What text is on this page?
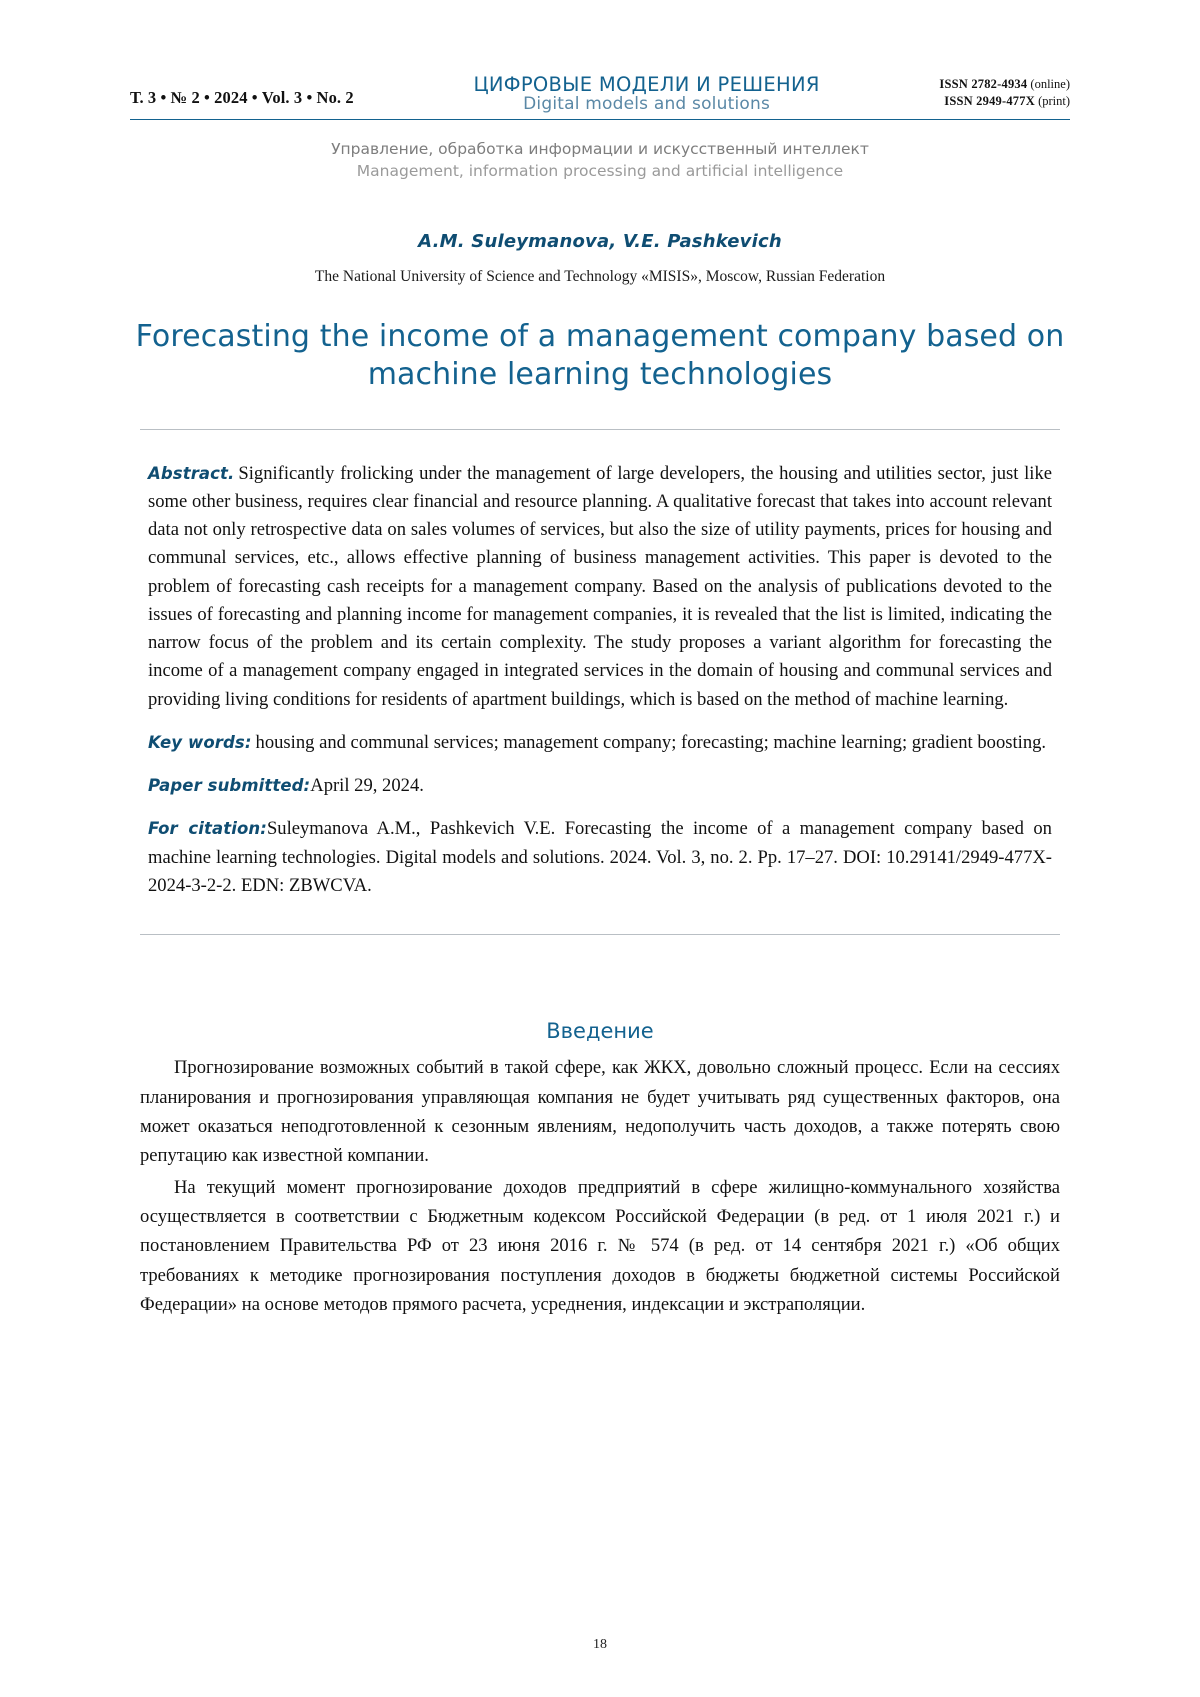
Т. 3 • № 2 • 2024 • Vol. 3 • No. 2
ЦИФРОВЫЕ МОДЕЛИ И РЕШЕНИЯ
Digital models and solutions
ISSN 2782-4934 (online)
ISSN 2949-477X (print)
Управление, обработка информации и искусственный интеллект
Management, information processing and artificial intelligence
A.M. Suleymanova, V.E. Pashkevich
The National University of Science and Technology «MISIS», Moscow, Russian Federation
Forecasting the income of a management company based on machine learning technologies

Abstract. Significantly frolicking under the management of large developers, the housing and utilities sector, just like some other business, requires clear financial and resource planning. A qualitative forecast that takes into account relevant data not only retrospective data on sales volumes of services, but also the size of utility payments, prices for housing and communal services, etc., allows effective planning of business management activities. This paper is devoted to the problem of forecasting cash receipts for a management company. Based on the analysis of publications devoted to the issues of forecasting and planning income for management companies, it is revealed that the list is limited, indicating the narrow focus of the problem and its certain complexity. The study proposes a variant algorithm for forecasting the income of a management company engaged in integrated services in the domain of housing and communal services and providing living conditions for residents of apartment buildings, which is based on the method of machine learning.

Key words: housing and communal services; management company; forecasting; machine learning; gradient boosting.

Paper submitted:April 29, 2024.

For citation:Suleymanova A.M., Pashkevich V.E. Forecasting the income of a management company based on machine learning technologies. Digital models and solutions. 2024. Vol. 3, no. 2. Pp. 17–27. DOI: 10.29141/2949-477X-2024-3-2-2. EDN: ZBWCVA.

Введение

Прогнозирование возможных событий в такой сфере, как ЖКХ, довольно сложный процесс. Если на сессиях планирования и прогнозирования управляющая компания не будет учитывать ряд существенных факторов, она может оказаться неподготовленной к сезонным явлениям, недополучить часть доходов, а также потерять свою репутацию как известной компании.

На текущий момент прогнозирование доходов предприятий в сфере жилищно-коммунального хозяйства осуществляется в соответствии с Бюджетным кодексом Российской Федерации (в ред. от 1 июля 2021 г.) и постановлением Правительства РФ от 23 июня 2016 г. № 574 (в ред. от 14 сентября 2021 г.) «Об общих требованиях к методике прогнозирования поступления доходов в бюджеты бюджетной системы Российской Федерации» на основе методов прямого расчета, усреднения, индексации и экстраполяции.

18
